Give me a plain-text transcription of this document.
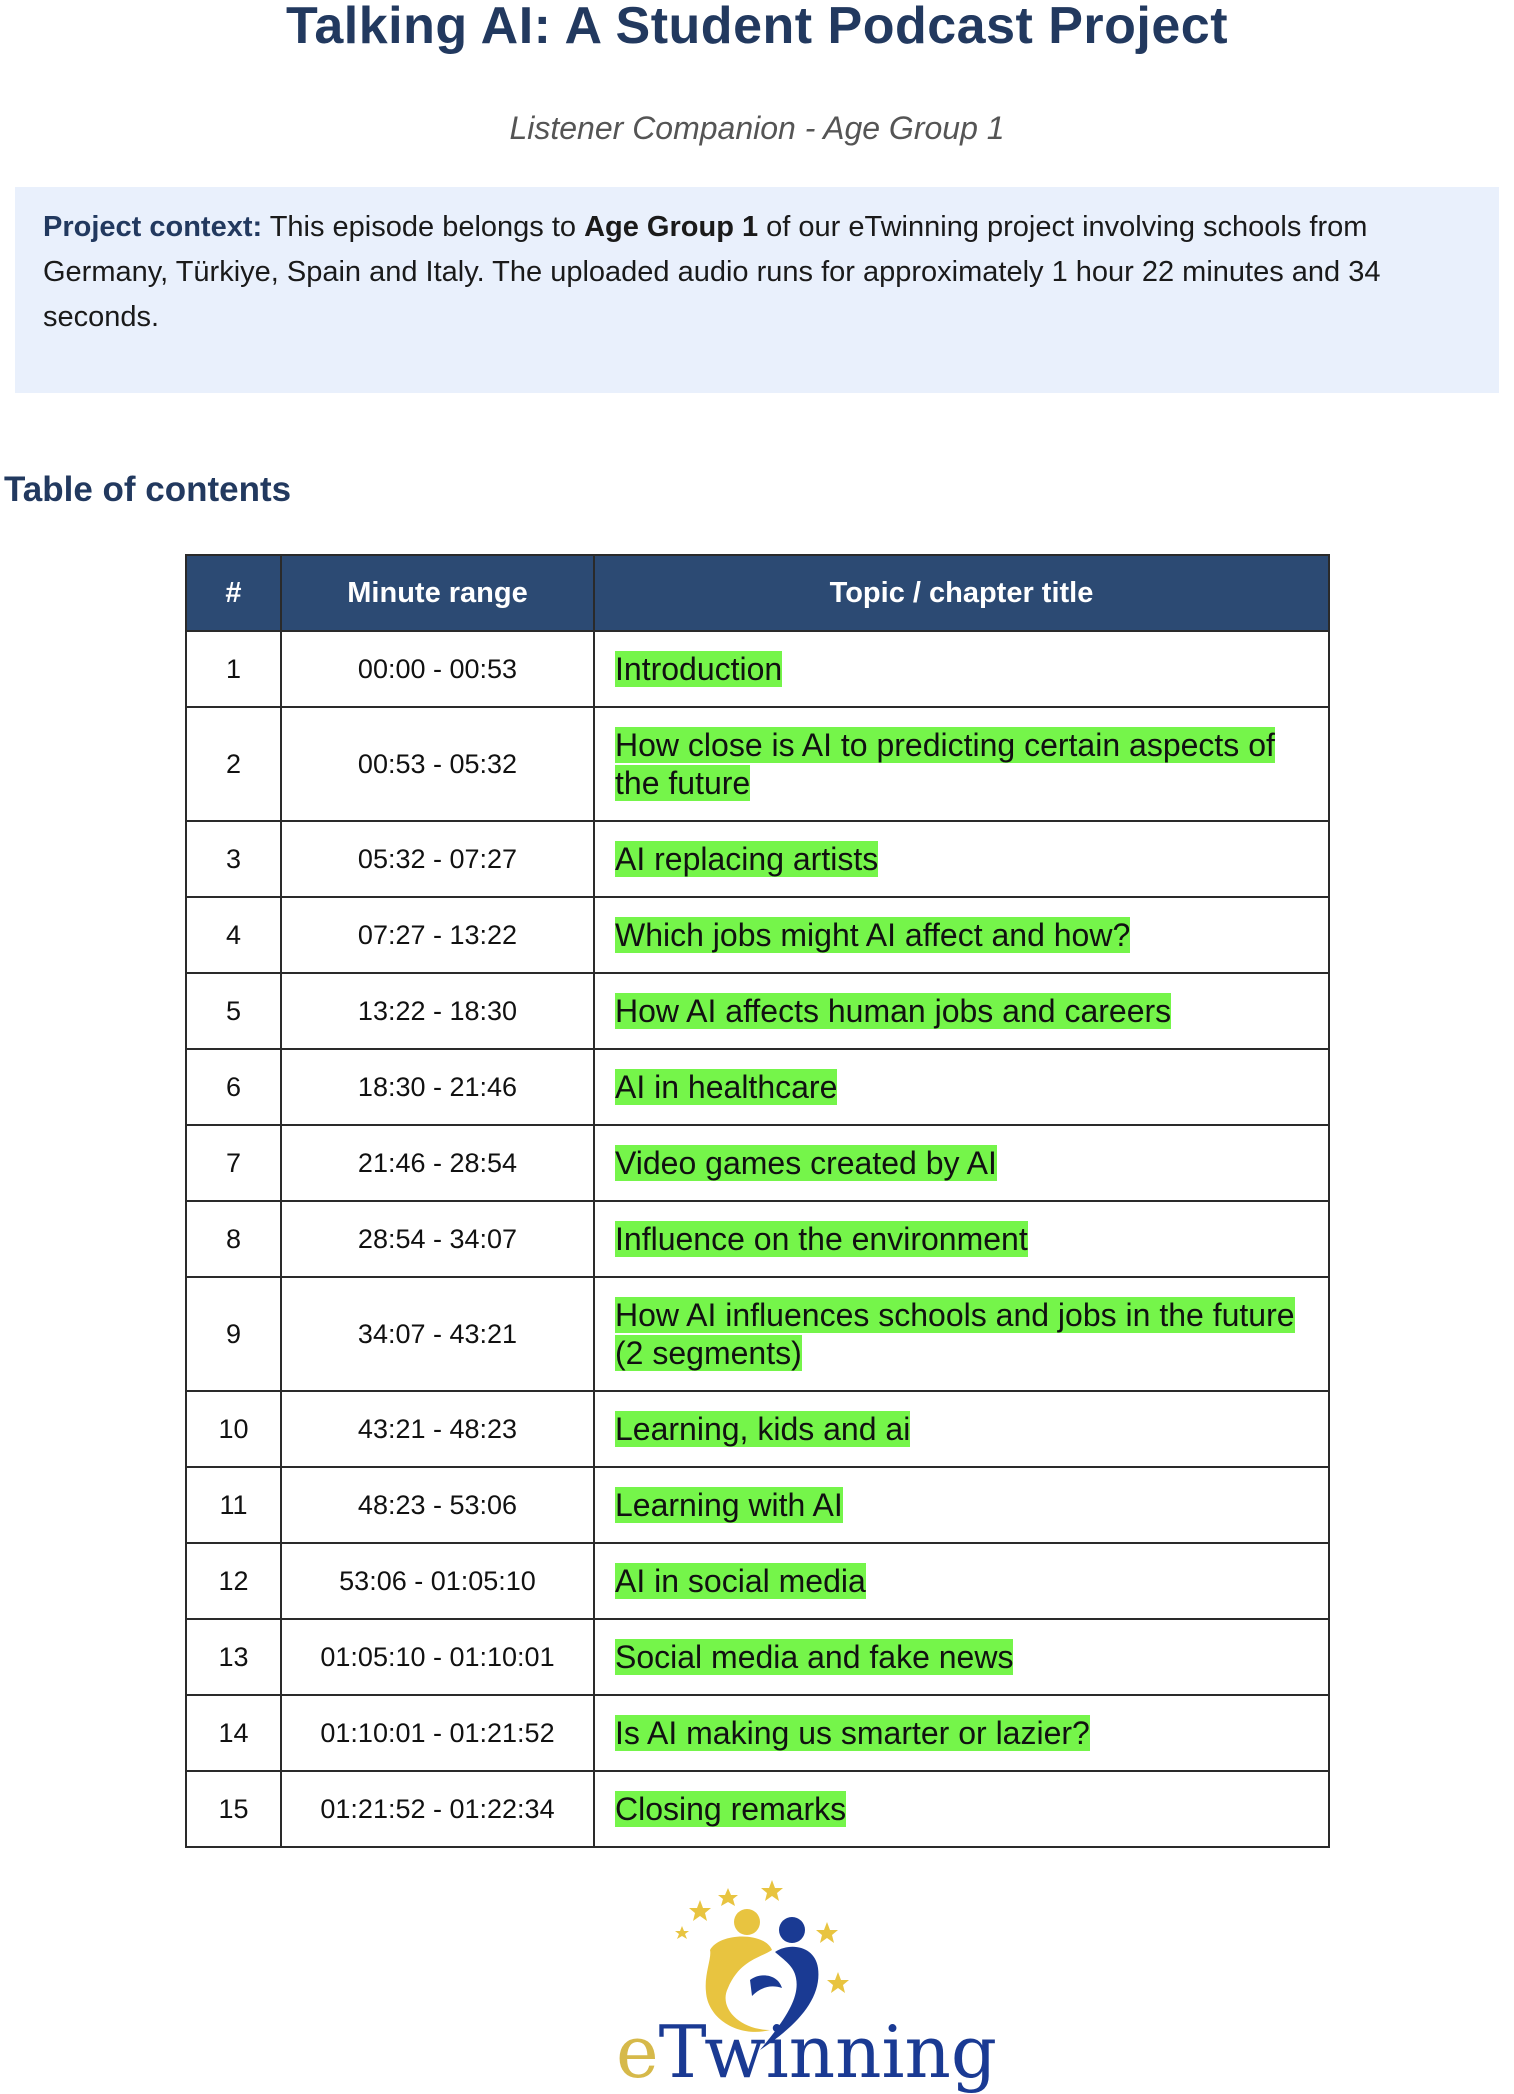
Talking AI: A Student Podcast Project
Listener Companion - Age Group 1
Project context: This episode belongs to Age Group 1 of our eTwinning project involving schools from Germany, Türkiye, Spain and Italy. The uploaded audio runs for approximately 1 hour 22 minutes and 34 seconds.
Table of contents
#	Minute range	Topic / chapter title
1	00:00 - 00:53	Introduction
2	00:53 - 05:32	How close is AI to predicting certain aspects of the future
3	05:32 - 07:27	AI replacing artists
4	07:27 - 13:22	Which jobs might AI affect and how?
5	13:22 - 18:30	How AI affects human jobs and careers
6	18:30 - 21:46	AI in healthcare
7	21:46 - 28:54	Video games created by AI
8	28:54 - 34:07	Influence on the environment
9	34:07 - 43:21	How AI influences schools and jobs in the future (2 segments)
10	43:21 - 48:23	Learning, kids and ai
11	48:23 - 53:06	Learning with AI
12	53:06 - 01:05:10	AI in social media
13	01:05:10 - 01:10:01	Social media and fake news
14	01:10:01 - 01:21:52	Is AI making us smarter or lazier?
15	01:21:52 - 01:22:34	Closing remarks
eTwinning
